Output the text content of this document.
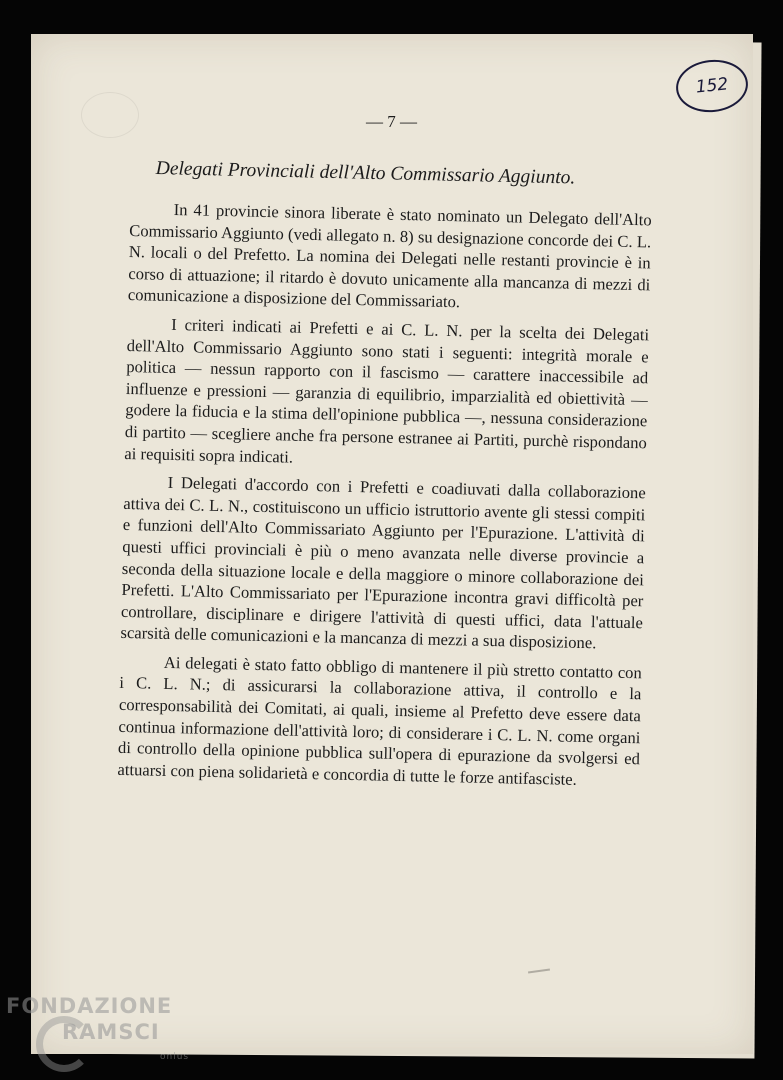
152
— 7 —
Delegati Provinciali dell'Alto Commissario Aggiunto.

In 41 provincie sinora liberate è stato nominato un Delegato dell'Alto Commissario Aggiunto (vedi allegato n. 8) su designazione concorde dei C. L. N. locali o del Prefetto. La nomina dei Delegati nelle restanti provincie è in corso di attuazione; il ritardo è dovuto unicamente alla mancanza di mezzi di comunicazione a disposizione del Commissariato.

I criteri indicati ai Prefetti e ai C. L. N. per la scelta dei Delegati dell'Alto Commissario Aggiunto sono stati i seguenti: integrità morale e politica — nessun rapporto con il fascismo — carattere inaccessibile ad influenze e pressioni — garanzia di equilibrio, imparzialità ed obiettività — godere la fiducia e la stima dell'opinione pubblica —, nessuna considerazione di partito — scegliere anche fra persone estranee ai Partiti, purchè rispondano ai requisiti sopra indicati.

I Delegati d'accordo con i Prefetti e coadiuvati dalla collaborazione attiva dei C. L. N., costituiscono un ufficio istruttorio avente gli stessi compiti e funzioni dell'Alto Commissariato Aggiunto per l'Epurazione. L'attività di questi uffici provinciali è più o meno avanzata nelle diverse provincie a seconda della situazione locale e della maggiore o minore collaborazione dei Prefetti. L'Alto Commissariato per l'Epurazione incontra gravi difficoltà per controllare, disciplinare e dirigere l'attività di questi uffici, data l'attuale scarsità delle comunicazioni e la mancanza di mezzi a sua disposizione.

Ai delegati è stato fatto obbligo di mantenere il più stretto contatto con i C. L. N.; di assicurarsi la collaborazione attiva, il controllo e la corresponsabilità dei Comitati, ai quali, insieme al Prefetto deve essere data continua informazione dell'attività loro; di considerare i C. L. N. come organi di controllo della opinione pubblica sull'opera di epurazione da svolgersi ed attuarsi con piena solidarietà e concordia di tutte le forze antifasciste.

FONDAZIONE
RAMSCI
onlus
